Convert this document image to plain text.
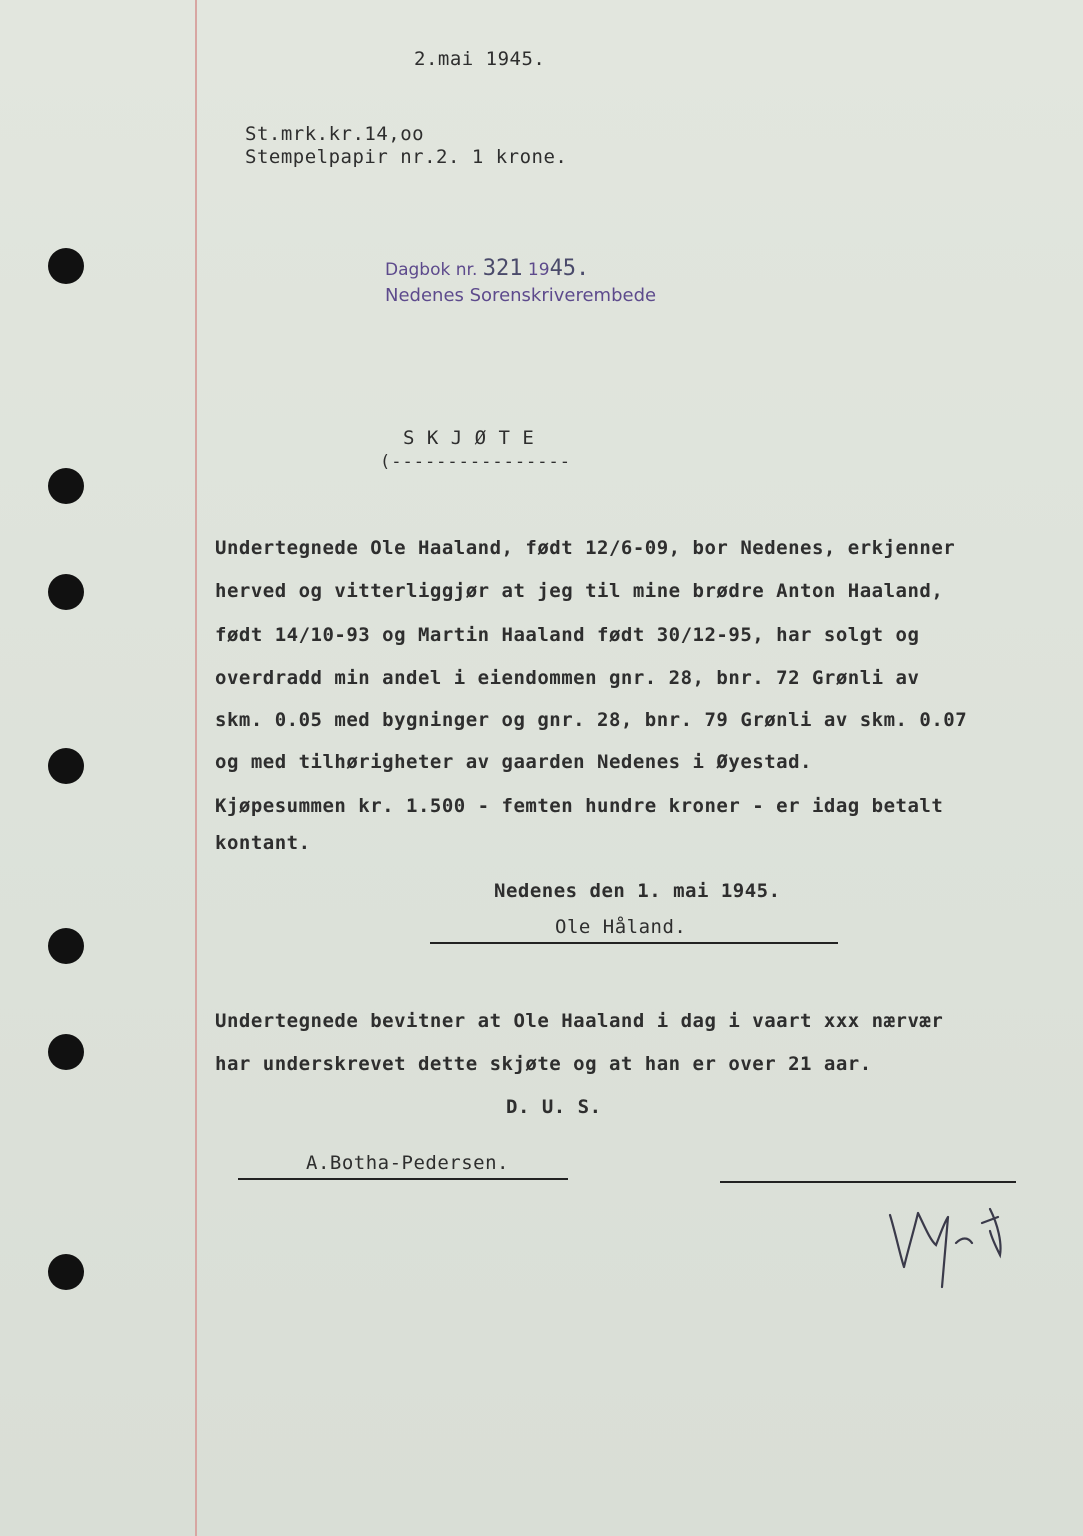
2.mai 1945.
St.mrk.kr.14,oo
Stempelpapir nr.2. 1 krone.
Dagbok nr. 321 1945.
Nedenes Sorenskriverembede
S K J Ø T E
(----------------
Undertegnede Ole Haaland, født 12/6-09, bor Nedenes, erkjenner
herved og vitterliggjør at jeg til mine brødre Anton Haaland,
født 14/10-93 og Martin Haaland født 30/12-95, har solgt og
overdradd min andel i eiendommen gnr. 28, bnr. 72 Grønli av
skm. 0.05 med bygninger og gnr. 28, bnr. 79 Grønli av skm. 0.07
og med tilhørigheter av gaarden Nedenes i Øyestad.
Kjøpesummen kr. 1.500 - femten hundre kroner - er idag betalt
kontant.
Nedenes den 1. mai 1945.
Ole Håland.
Undertegnede bevitner at Ole Haaland i dag i vaart xxx nærvær
har underskrevet dette skjøte og at han er over 21 aar.
D. U. S.
A.Botha-Pedersen.
